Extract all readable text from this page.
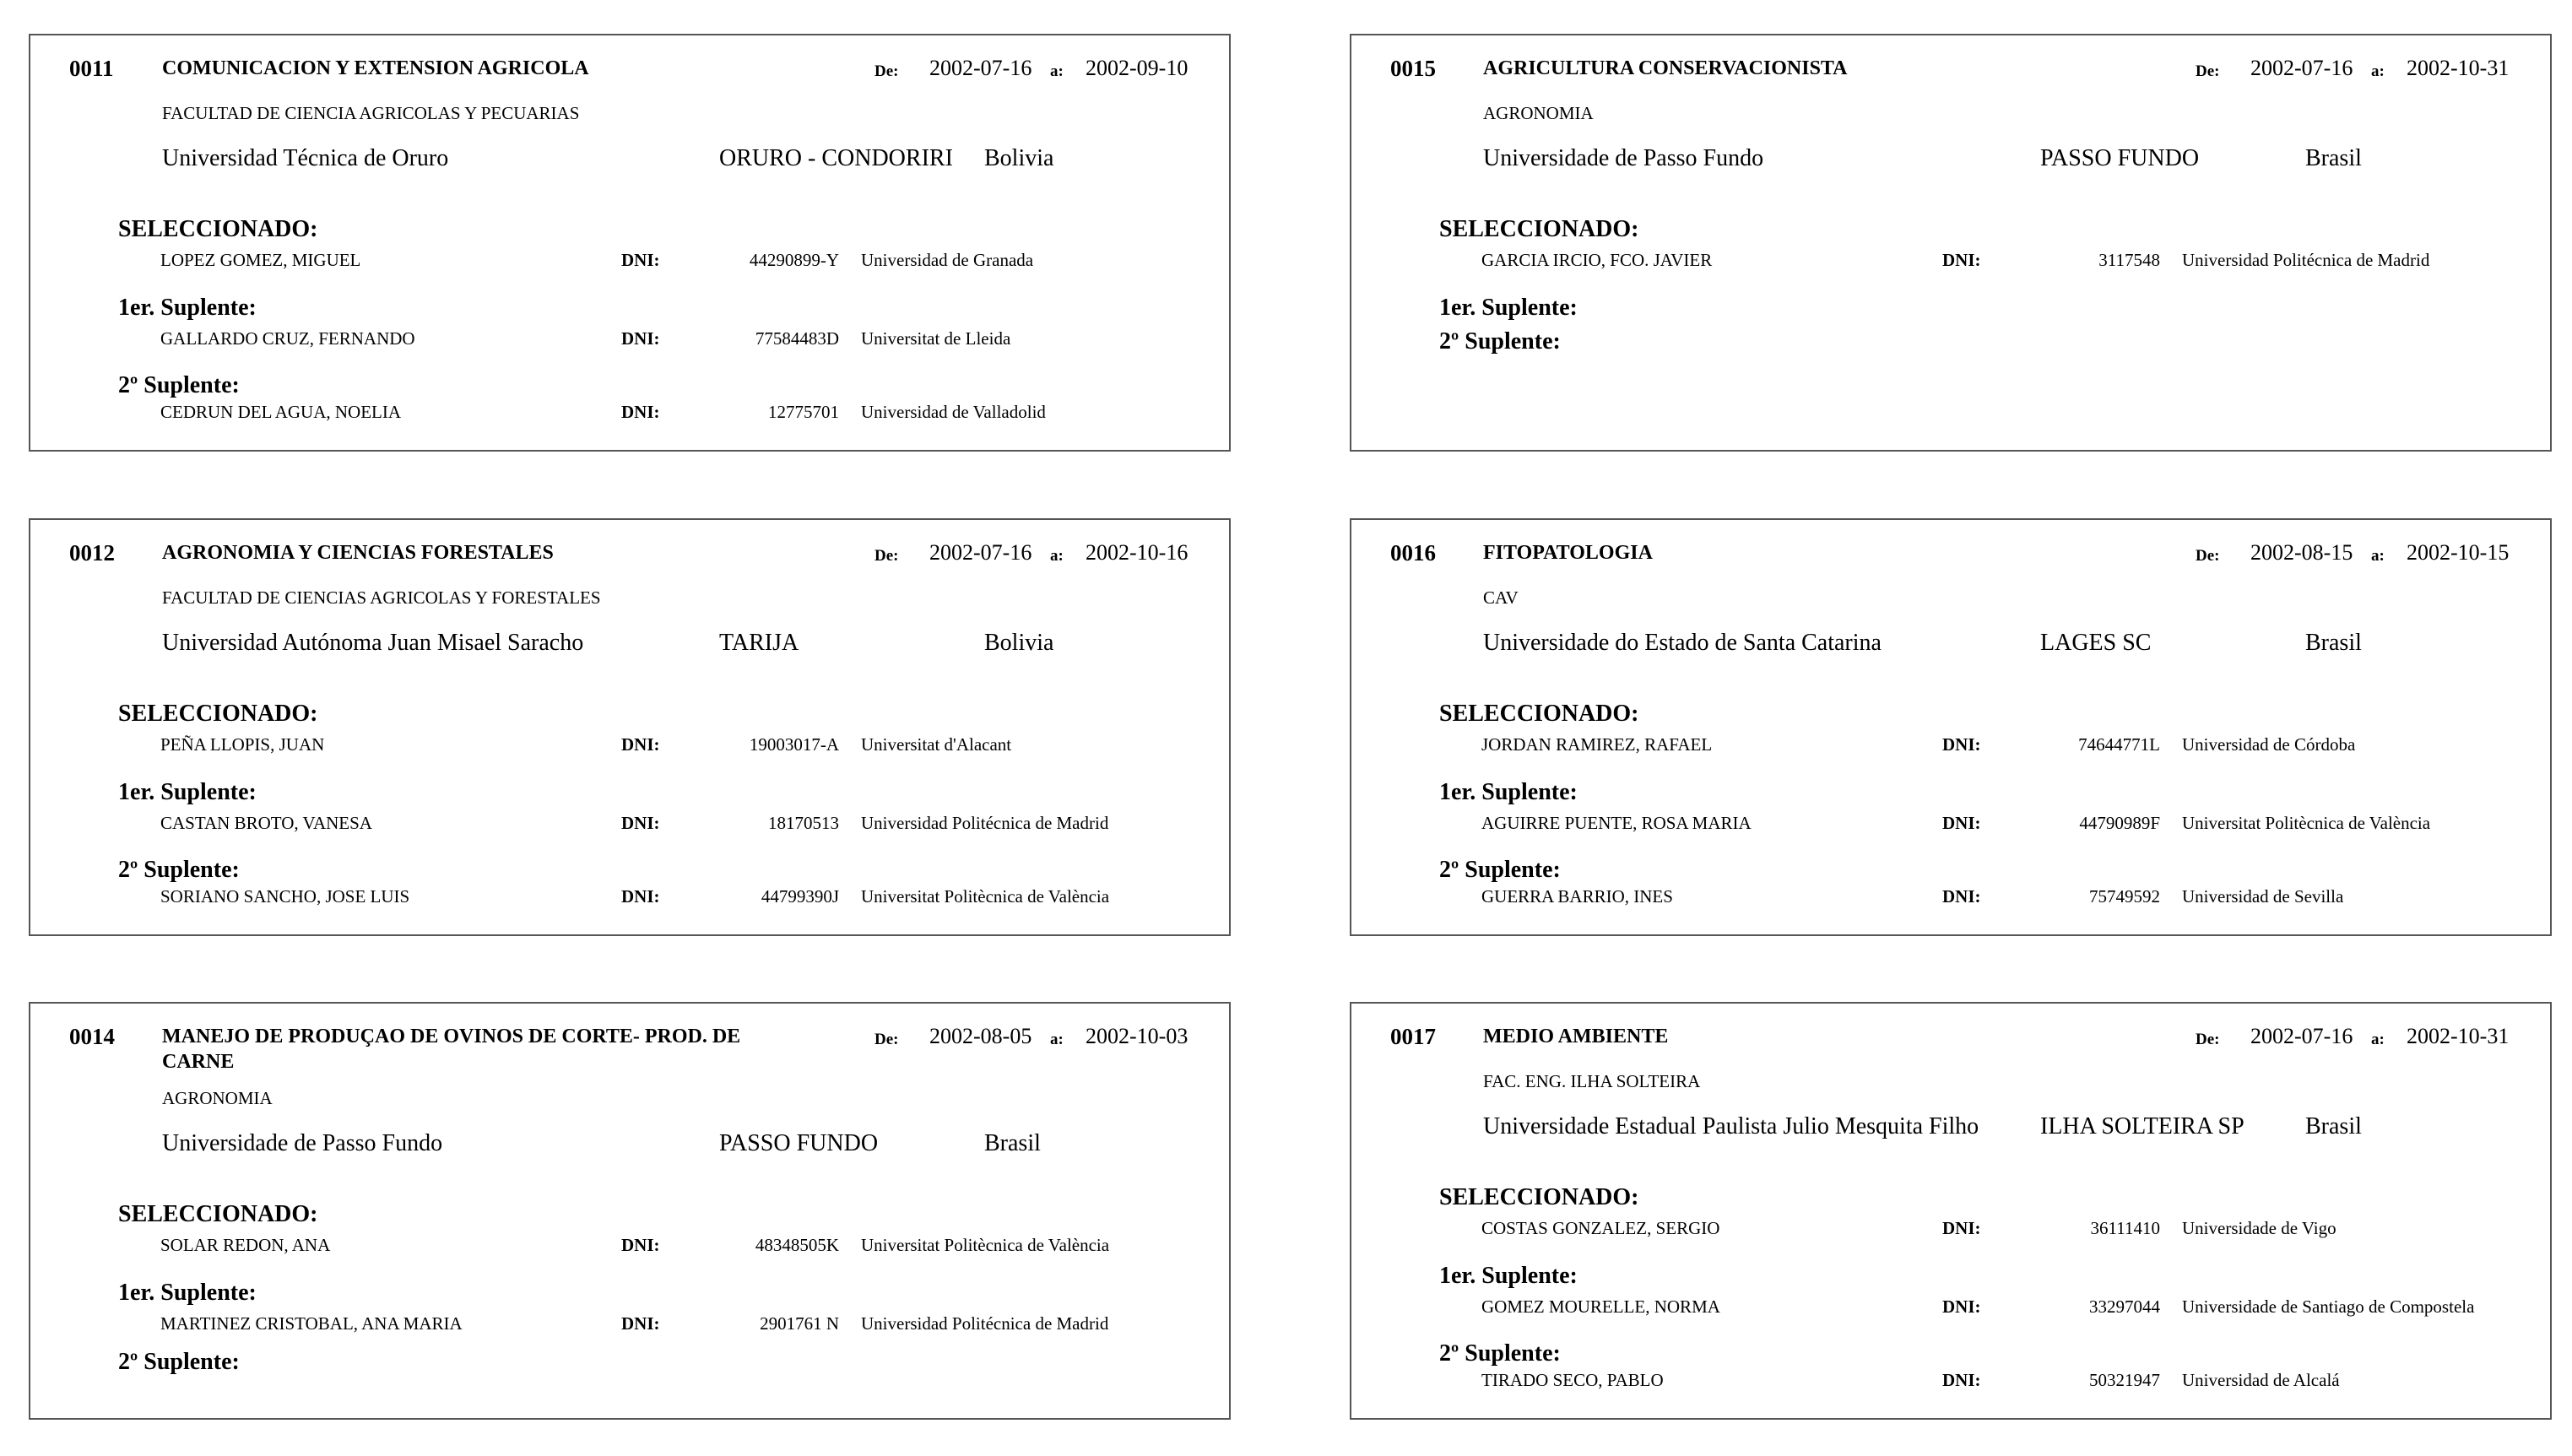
0011 COMUNICACION Y EXTENSION AGRICOLA	De: 2002-07-16 a: 2002-09-10
FACULTAD DE CIENCIA AGRICOLAS Y PECUARIAS
Universidad Técnica de Oruro	ORURO - CONDORIRI Bolivia
SELECCIONADO:
LOPEZ GOMEZ, MIGUEL	DNI:	44290899-Y Universidad de Granada
1er. Suplente:
GALLARDO CRUZ, FERNANDO	DNI:	77584483D Universitat de Lleida
2º Suplente:
CEDRUN DEL AGUA, NOELIA	DNI:	12775701 Universidad de Valladolid
0015 AGRICULTURA CONSERVACIONISTA	De: 2002-07-16 a: 2002-10-31
AGRONOMIA
Universidade de Passo Fundo	PASSO FUNDO	Brasil
SELECCIONADO:
GARCIA IRCIO, FCO. JAVIER	DNI:	3117548 Universidad Politécnica de Madrid
1er. Suplente:
2º Suplente:
0012 AGRONOMIA Y CIENCIAS FORESTALES	De: 2002-07-16 a: 2002-10-16
FACULTAD DE CIENCIAS AGRICOLAS Y FORESTALES
Universidad Autónoma Juan Misael Saracho	TARIJA	Bolivia
SELECCIONADO:
PEÑA LLOPIS, JUAN	DNI:	19003017-A Universitat d'Alacant
1er. Suplente:
CASTAN BROTO, VANESA	DNI:	18170513 Universidad Politécnica de Madrid
2º Suplente:
SORIANO SANCHO, JOSE LUIS	DNI:	44799390J Universitat Politècnica de València
0016 FITOPATOLOGIA	De: 2002-08-15 a: 2002-10-15
CAV
Universidade do Estado de Santa Catarina	LAGES SC	Brasil
SELECCIONADO:
JORDAN RAMIREZ, RAFAEL	DNI:	74644771L Universidad de Córdoba
1er. Suplente:
AGUIRRE PUENTE, ROSA MARIA	DNI:	44790989F Universitat Politècnica de València
2º Suplente:
GUERRA BARRIO, INES	DNI:	75749592 Universidad de Sevilla
0014 MANEJO DE PRODUÇAO DE OVINOS DE CORTE- PROD. DE CARNE
De: 2002-08-05 a: 2002-10-03
AGRONOMIA
Universidade de Passo Fundo	PASSO FUNDO	Brasil
SELECCIONADO:
SOLAR REDON, ANA	DNI:	48348505K Universitat Politècnica de València
1er. Suplente:
MARTINEZ CRISTOBAL, ANA MARIA	DNI:	2901761 N Universidad Politécnica de Madrid
2º Suplente:
0017 MEDIO AMBIENTE	De: 2002-07-16 a: 2002-10-31
FAC. ENG. ILHA SOLTEIRA
Universidade Estadual Paulista Julio Mesquita Filho	ILHA SOLTEIRA SP	Brasil
SELECCIONADO:
COSTAS GONZALEZ, SERGIO	DNI:	36111410 Universidade de Vigo
1er. Suplente:
GOMEZ MOURELLE, NORMA	DNI:	33297044 Universidade de Santiago de Compostela
2º Suplente:
TIRADO SECO, PABLO	DNI:	50321947 Universidad de Alcalá
